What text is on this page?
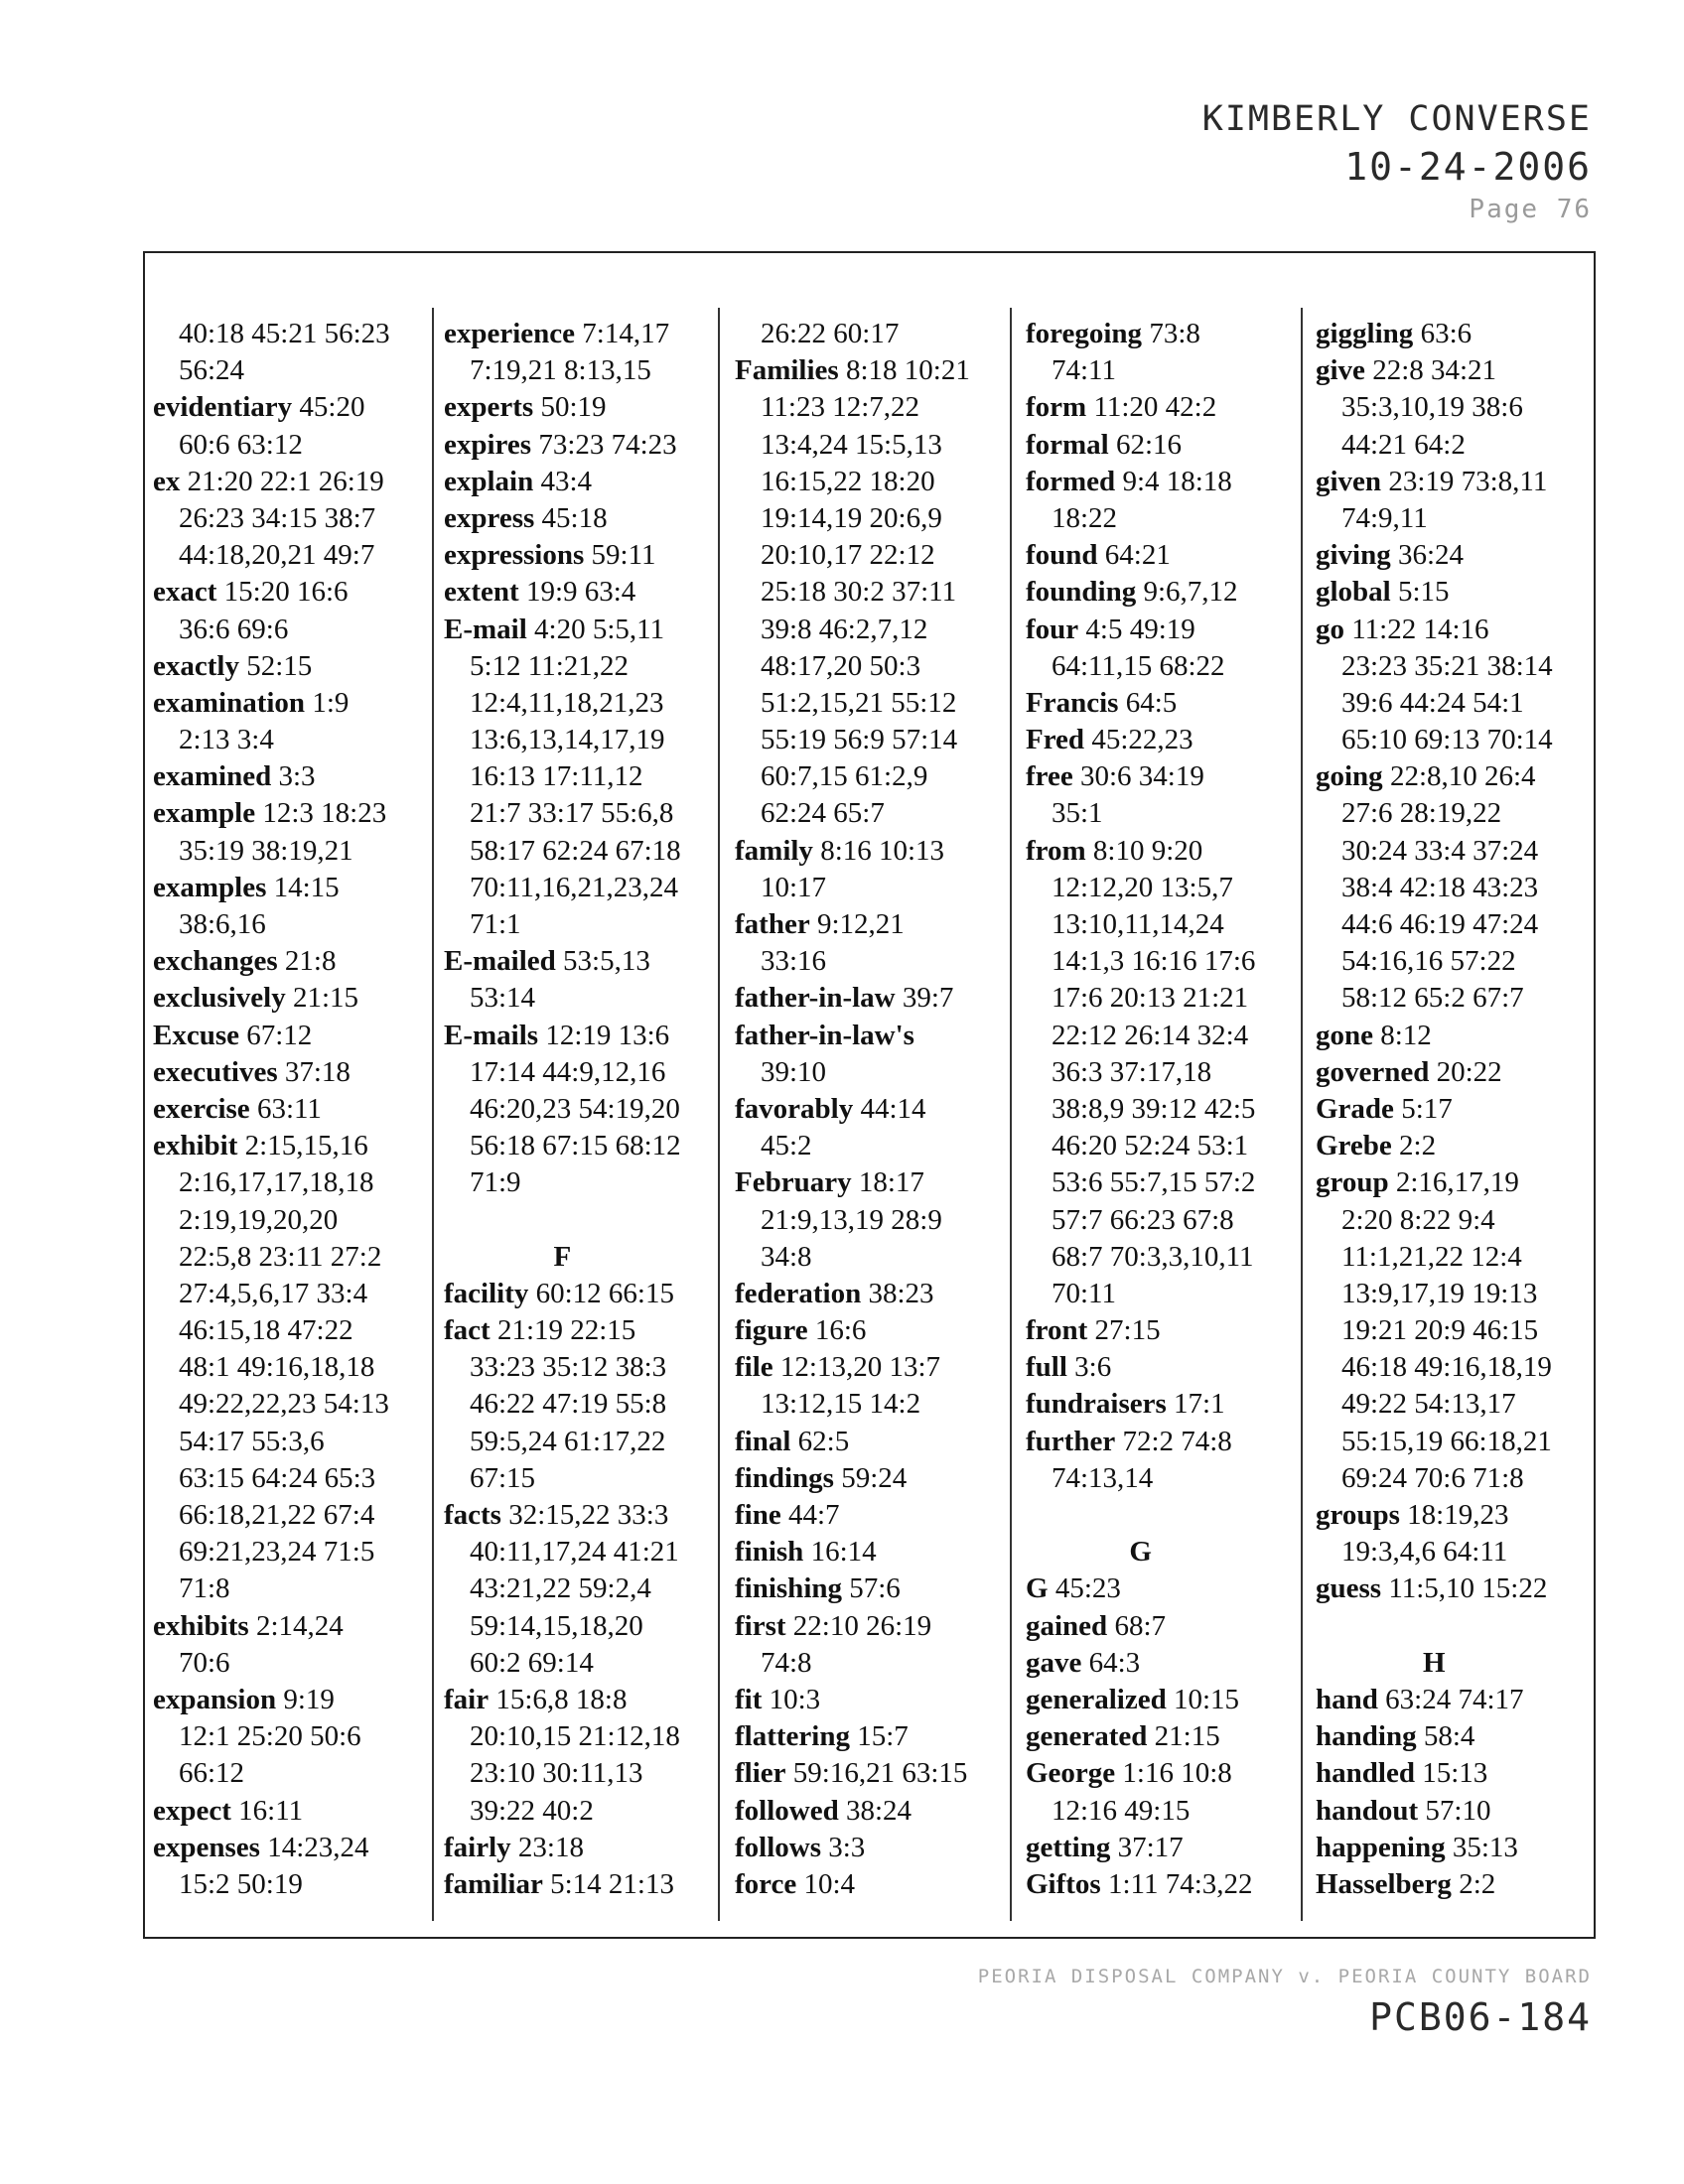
KIMBERLY CONVERSE
10-24-2006
Page 76
40:18 45:21 56:23
56:24
evidentiary 45:20
60:6 63:12
ex 21:20 22:1 26:19
26:23 34:15 38:7
44:18,20,21 49:7
exact 15:20 16:6
36:6 69:6
exactly 52:15
examination 1:9
2:13 3:4
examined 3:3
example 12:3 18:23
35:19 38:19,21
examples 14:15
38:6,16
exchanges 21:8
exclusively 21:15
Excuse 67:12
executives 37:18
exercise 63:11
exhibit 2:15,15,16
2:16,17,17,18,18
2:19,19,20,20
22:5,8 23:11 27:2
27:4,5,6,17 33:4
46:15,18 47:22
48:1 49:16,18,18
49:22,22,23 54:13
54:17 55:3,6
63:15 64:24 65:3
66:18,21,22 67:4
69:21,23,24 71:5
71:8
exhibits 2:14,24
70:6
expansion 9:19
12:1 25:20 50:6
66:12
expect 16:11
expenses 14:23,24
15:2 50:19
experience 7:14,17
7:19,21 8:13,15
experts 50:19
expires 73:23 74:23
explain 43:4
express 45:18
expressions 59:11
extent 19:9 63:4
E-mail 4:20 5:5,11
5:12 11:21,22
12:4,11,18,21,23
13:6,13,14,17,19
16:13 17:11,12
21:7 33:17 55:6,8
58:17 62:24 67:18
70:11,16,21,23,24
71:1
E-mailed 53:5,13
53:14
E-mails 12:19 13:6
17:14 44:9,12,16
46:20,23 54:19,20
56:18 67:15 68:12
71:9
F
facility 60:12 66:15
fact 21:19 22:15
33:23 35:12 38:3
46:22 47:19 55:8
59:5,24 61:17,22
67:15
facts 32:15,22 33:3
40:11,17,24 41:21
43:21,22 59:2,4
59:14,15,18,20
60:2 69:14
fair 15:6,8 18:8
20:10,15 21:12,18
23:10 30:11,13
39:22 40:2
fairly 23:18
familiar 5:14 21:13
26:22 60:17
Families 8:18 10:21
11:23 12:7,22
13:4,24 15:5,13
16:15,22 18:20
19:14,19 20:6,9
20:10,17 22:12
25:18 30:2 37:11
39:8 46:2,7,12
48:17,20 50:3
51:2,15,21 55:12
55:19 56:9 57:14
60:7,15 61:2,9
62:24 65:7
family 8:16 10:13
10:17
father 9:12,21
33:16
father-in-law 39:7
father-in-law's
39:10
favorably 44:14
45:2
February 18:17
21:9,13,19 28:9
34:8
federation 38:23
figure 16:6
file 12:13,20 13:7
13:12,15 14:2
final 62:5
findings 59:24
fine 44:7
finish 16:14
finishing 57:6
first 22:10 26:19
74:8
fit 10:3
flattering 15:7
flier 59:16,21 63:15
followed 38:24
follows 3:3
force 10:4
foregoing 73:8
74:11
form 11:20 42:2
formal 62:16
formed 9:4 18:18
18:22
found 64:21
founding 9:6,7,12
four 4:5 49:19
64:11,15 68:22
Francis 64:5
Fred 45:22,23
free 30:6 34:19
35:1
from 8:10 9:20
12:12,20 13:5,7
13:10,11,14,24
14:1,3 16:16 17:6
17:6 20:13 21:21
22:12 26:14 32:4
36:3 37:17,18
38:8,9 39:12 42:5
46:20 52:24 53:1
53:6 55:7,15 57:2
57:7 66:23 67:8
68:7 70:3,3,10,11
70:11
front 27:15
full 3:6
fundraisers 17:1
further 72:2 74:8
74:13,14
G
G 45:23
gained 68:7
gave 64:3
generalized 10:15
generated 21:15
George 1:16 10:8
12:16 49:15
getting 37:17
Giftos 1:11 74:3,22
giggling 63:6
give 22:8 34:21
35:3,10,19 38:6
44:21 64:2
given 23:19 73:8,11
74:9,11
giving 36:24
global 5:15
go 11:22 14:16
23:23 35:21 38:14
39:6 44:24 54:1
65:10 69:13 70:14
going 22:8,10 26:4
27:6 28:19,22
30:24 33:4 37:24
38:4 42:18 43:23
44:6 46:19 47:24
54:16,16 57:22
58:12 65:2 67:7
gone 8:12
governed 20:22
Grade 5:17
Grebe 2:2
group 2:16,17,19
2:20 8:22 9:4
11:1,21,22 12:4
13:9,17,19 19:13
19:21 20:9 46:15
46:18 49:16,18,19
49:22 54:13,17
55:15,19 66:18,21
69:24 70:6 71:8
groups 18:19,23
19:3,4,6 64:11
guess 11:5,10 15:22
H
hand 63:24 74:17
handing 58:4
handled 15:13
handout 57:10
happening 35:13
Hasselberg 2:2
PEORIA DISPOSAL COMPANY v. PEORIA COUNTY BOARD
PCB06-184
